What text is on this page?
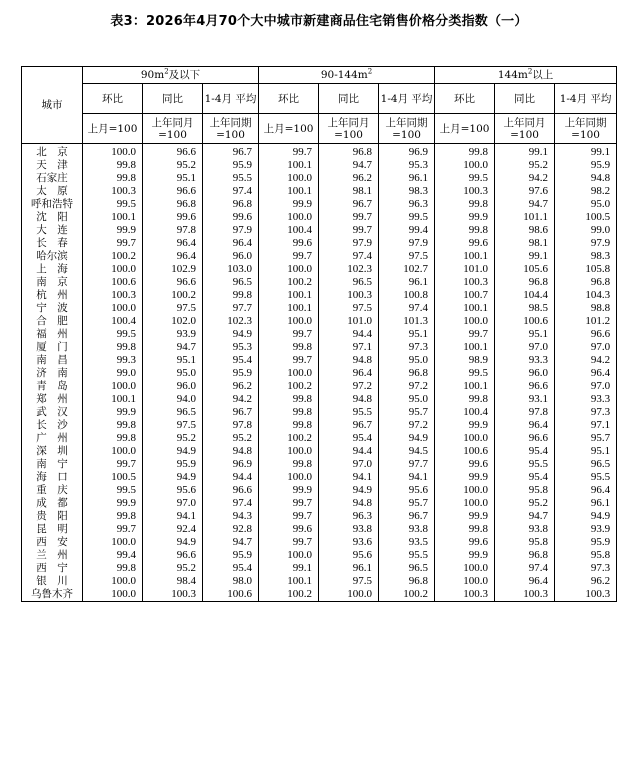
表3：2026年4月70个大中城市新建商品住宅销售价格分类指数（一）
城市	$90m^2$及以下			$90-144m^2$			$144m^2$以上		
	环比	同比	1-4月 平均	环比	同比	1-4月 平均	环比	同比	1-4月 平均
	上月=100	上年同月 =100	上年同期 =100	上月=100	上年同月 =100	上年同期 =100	上月=100	上年同月 =100	上年同期 =100
北　京	100.0	96.6	96.7	99.7	96.8	96.9	99.8	99.1	99.1
天　津	99.8	95.2	95.9	100.1	94.7	95.3	100.0	95.2	95.9
石家庄	99.8	95.1	95.5	100.0	96.2	96.1	99.5	94.2	94.8
太　原	100.3	96.6	97.4	100.1	98.1	98.3	100.3	97.6	98.2
呼和浩特	99.5	96.8	96.8	99.9	96.7	96.3	99.8	94.7	95.0
沈　阳	100.1	99.6	99.6	100.0	99.7	99.5	99.9	101.1	100.5
大　连	99.9	97.8	97.9	100.4	99.7	99.4	99.8	98.6	99.0
长　春	99.7	96.4	96.4	99.6	97.9	97.9	99.6	98.1	97.9
哈尔滨	100.2	96.4	96.0	99.7	97.4	97.5	100.1	99.1	98.3
上　海	100.0	102.9	103.0	100.0	102.3	102.7	101.0	105.6	105.8
南　京	100.6	96.6	96.5	100.2	96.5	96.1	100.3	96.8	96.8
杭　州	100.3	100.2	99.8	100.1	100.3	100.8	100.7	104.4	104.3
宁　波	100.0	97.5	97.7	100.1	97.5	97.4	100.1	98.5	98.8
合　肥	100.4	102.0	102.3	100.0	101.0	101.3	100.0	100.6	101.2
福　州	99.5	93.9	94.9	99.7	94.4	95.1	99.7	95.1	96.6
厦　门	99.8	94.7	95.3	99.8	97.1	97.3	100.1	97.0	97.0
南　昌	99.3	95.1	95.4	99.7	94.8	95.0	98.9	93.3	94.2
济　南	99.0	95.0	95.9	100.0	96.4	96.8	99.5	96.0	96.4
青　岛	100.0	96.0	96.2	100.2	97.2	97.2	100.1	96.6	97.0
郑　州	100.1	94.0	94.2	99.8	94.8	95.0	99.8	93.1	93.3
武　汉	99.9	96.5	96.7	99.8	95.5	95.7	100.4	97.8	97.3
长　沙	99.8	97.5	97.8	99.8	96.7	97.2	99.9	96.4	97.1
广　州	99.8	95.2	95.2	100.2	95.4	94.9	100.0	96.6	95.7
深　圳	100.0	94.9	94.8	100.0	94.4	94.5	100.6	95.4	95.1
南　宁	99.7	95.9	96.9	99.8	97.0	97.7	99.6	95.5	96.5
海　口	100.5	94.9	94.4	100.0	94.1	94.1	99.9	95.4	95.5
重　庆	99.5	95.6	96.6	99.9	94.9	95.6	100.0	95.8	96.4
成　都	99.9	97.0	97.4	99.7	94.8	95.7	100.0	95.2	96.1
贵　阳	99.8	94.1	94.3	99.7	96.3	96.7	99.9	94.7	94.9
昆　明	99.7	92.4	92.8	99.6	93.8	93.8	99.8	93.8	93.9
西　安	100.0	94.9	94.7	99.7	93.6	93.5	99.6	95.8	95.9
兰　州	99.4	96.6	95.9	100.0	95.6	95.5	99.9	96.8	95.8
西　宁	99.8	95.2	95.4	99.1	96.1	96.5	100.0	97.4	97.3
银　川	100.0	98.4	98.0	100.1	97.5	96.8	100.0	96.4	96.2
乌鲁木齐	100.0	100.3	100.6	100.2	100.0	100.2	100.3	100.3	100.3
